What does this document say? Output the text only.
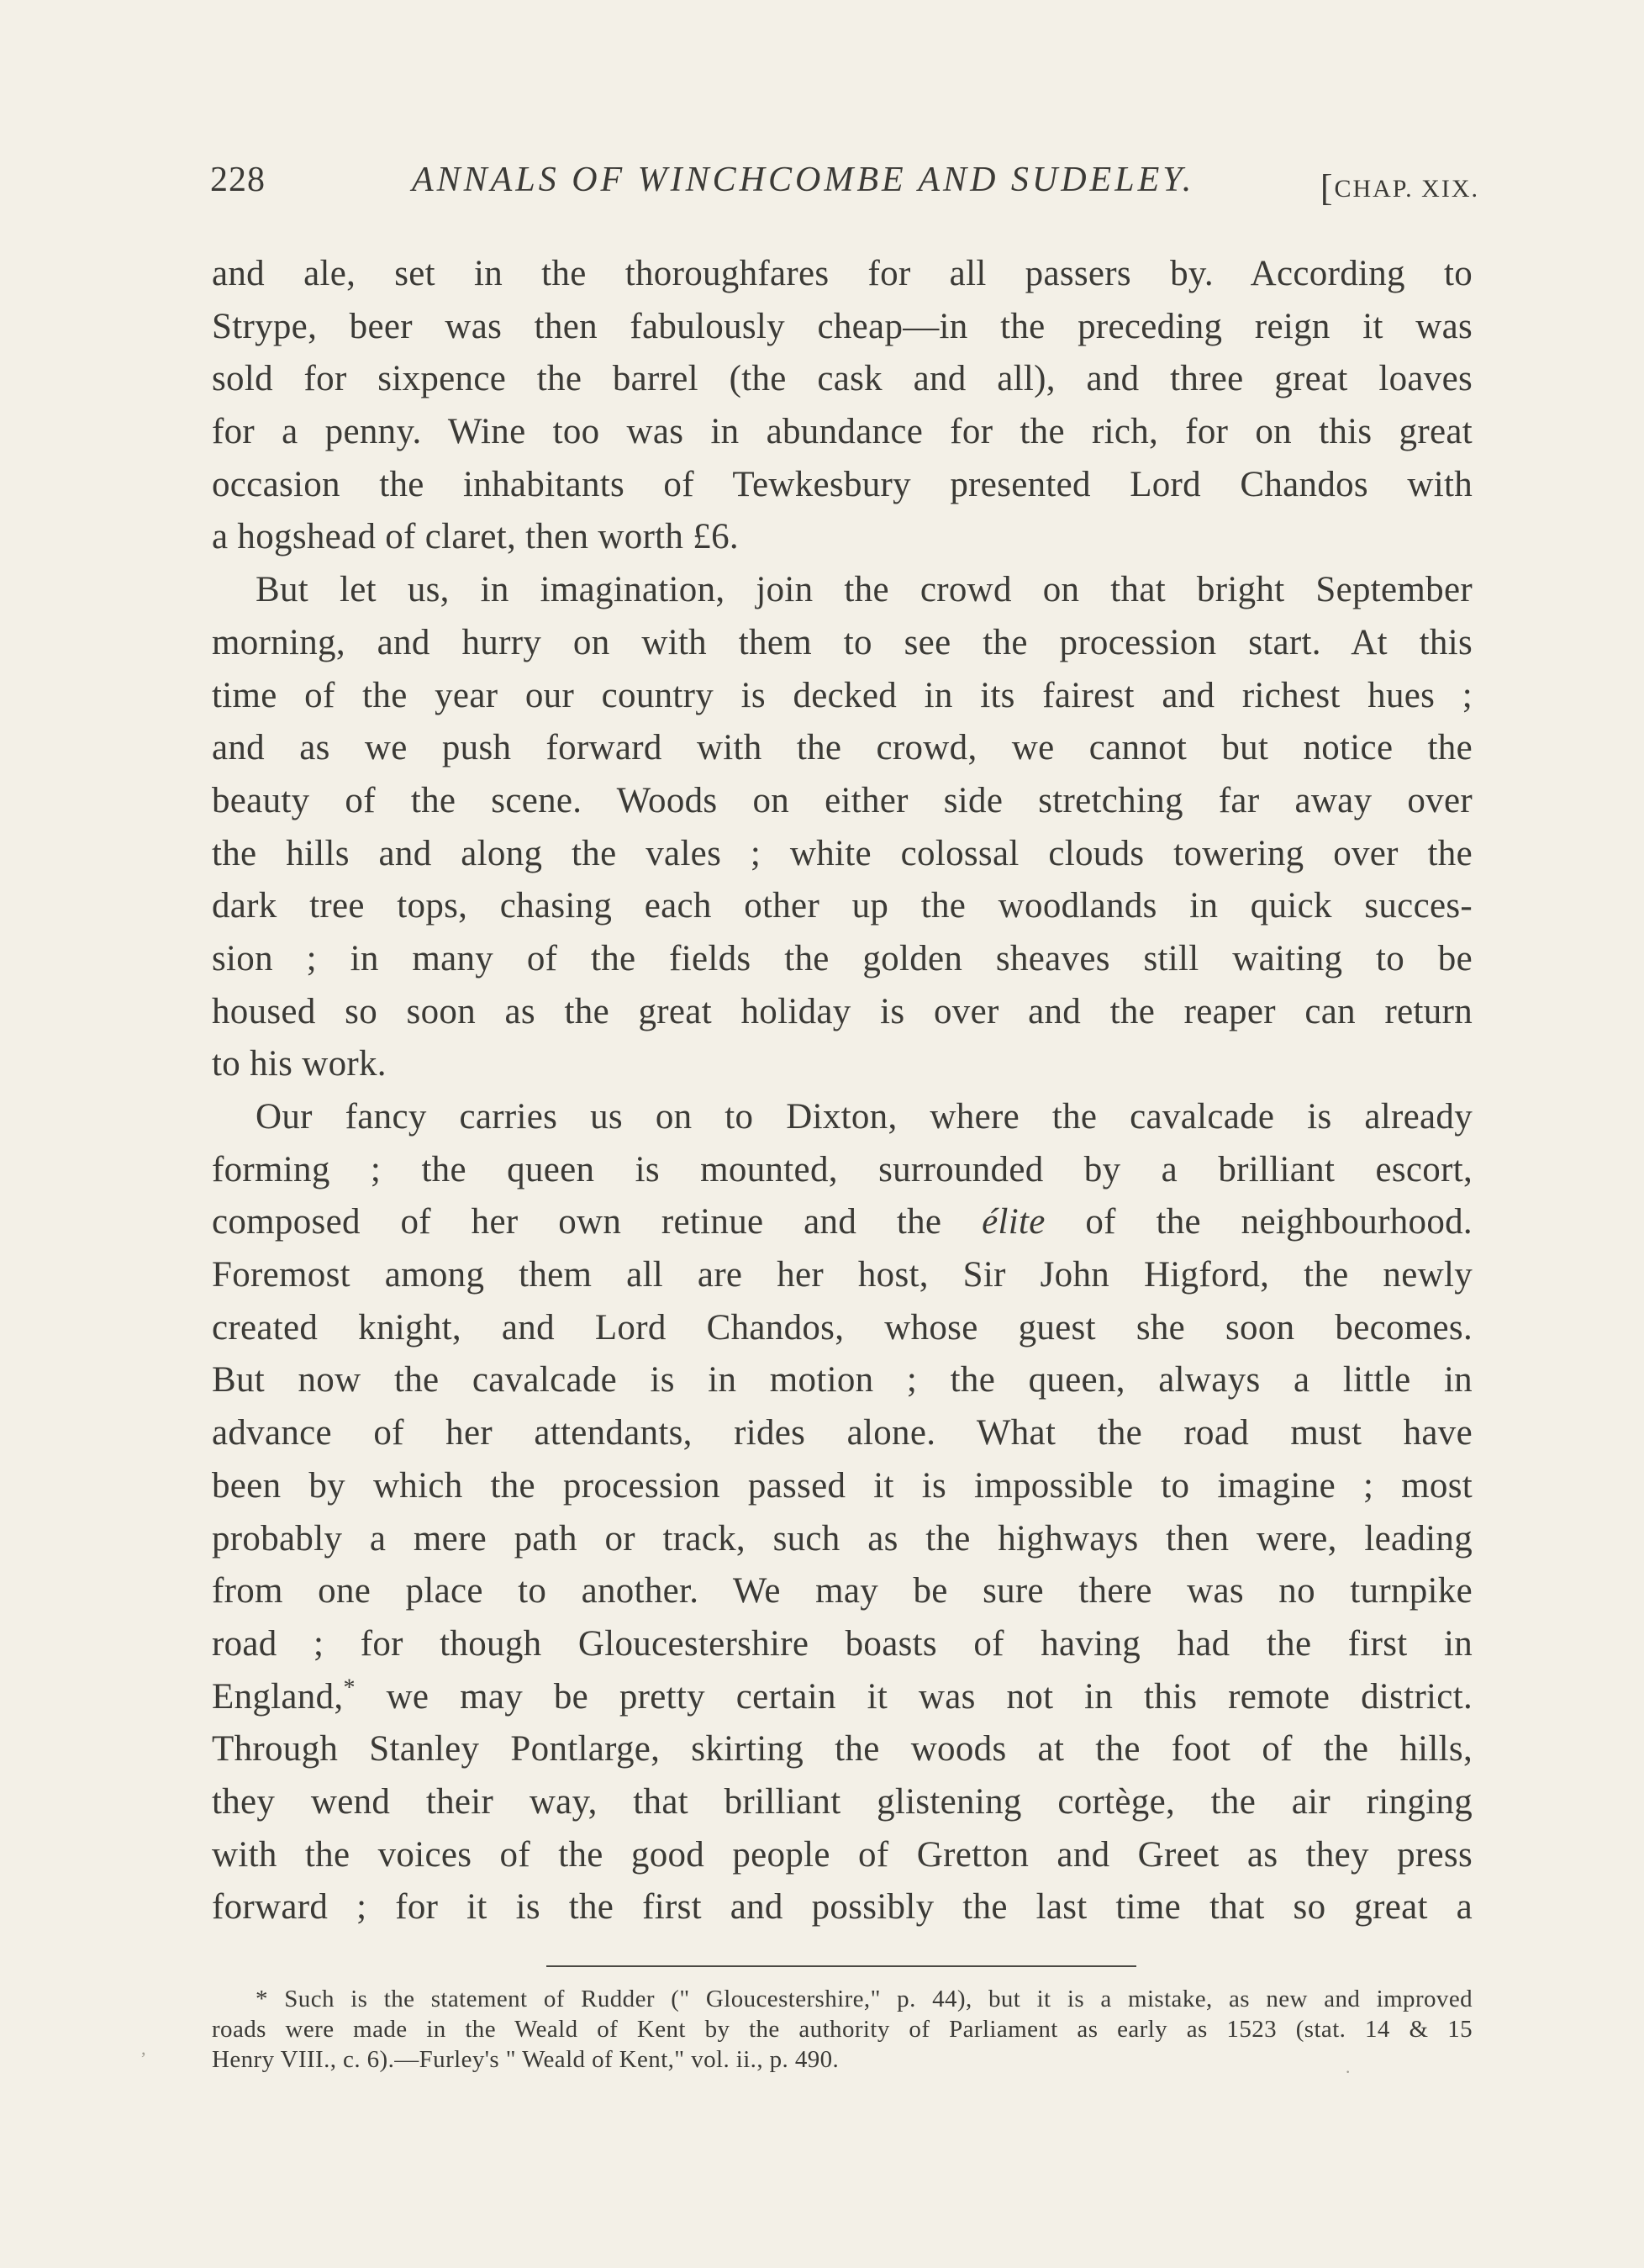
228	ANNALS OF WINCHCOMBE AND SUDELEY.	[CHAP. XIX.
and ale, set in the thoroughfares for all passers by. According to
Strype, beer was then fabulously cheap—in the preceding reign it was
sold for sixpence the barrel (the cask and all), and three great loaves
for a penny. Wine too was in abundance for the rich, for on this great
occasion the inhabitants of Tewkesbury presented Lord Chandos with
a hogshead of claret, then worth £6.
But let us, in imagination, join the crowd on that bright September
morning, and hurry on with them to see the procession start. At this
time of the year our country is decked in its fairest and richest hues ;
and as we push forward with the crowd, we cannot but notice the
beauty of the scene. Woods on either side stretching far away over
the hills and along the vales ; white colossal clouds towering over the
dark tree tops, chasing each other up the woodlands in quick succes-
sion ; in many of the fields the golden sheaves still waiting to be
housed so soon as the great holiday is over and the reaper can return
to his work.
Our fancy carries us on to Dixton, where the cavalcade is already
forming ; the queen is mounted, surrounded by a brilliant escort,
composed of her own retinue and the élite of the neighbourhood.
Foremost among them all are her host, Sir John Higford, the newly
created knight, and Lord Chandos, whose guest she soon becomes.
But now the cavalcade is in motion ; the queen, always a little in
advance of her attendants, rides alone. What the road must have
been by which the procession passed it is impossible to imagine ; most
probably a mere path or track, such as the highways then were, leading
from one place to another. We may be sure there was no turnpike
road ; for though Gloucestershire boasts of having had the first in
England,* we may be pretty certain it was not in this remote district.
Through Stanley Pontlarge, skirting the woods at the foot of the hills,
they wend their way, that brilliant glistening cortège, the air ringing
with the voices of the good people of Gretton and Greet as they press
forward ; for it is the first and possibly the last time that so great a
* Such is the statement of Rudder (" Gloucestershire," p. 44), but it is a mistake, as new and improved
roads were made in the Weald of Kent by the authority of Parliament as early as 1523 (stat. 14 & 15
Henry VIII., c. 6).—Furley's " Weald of Kent," vol. ii., p. 490.
,
·
